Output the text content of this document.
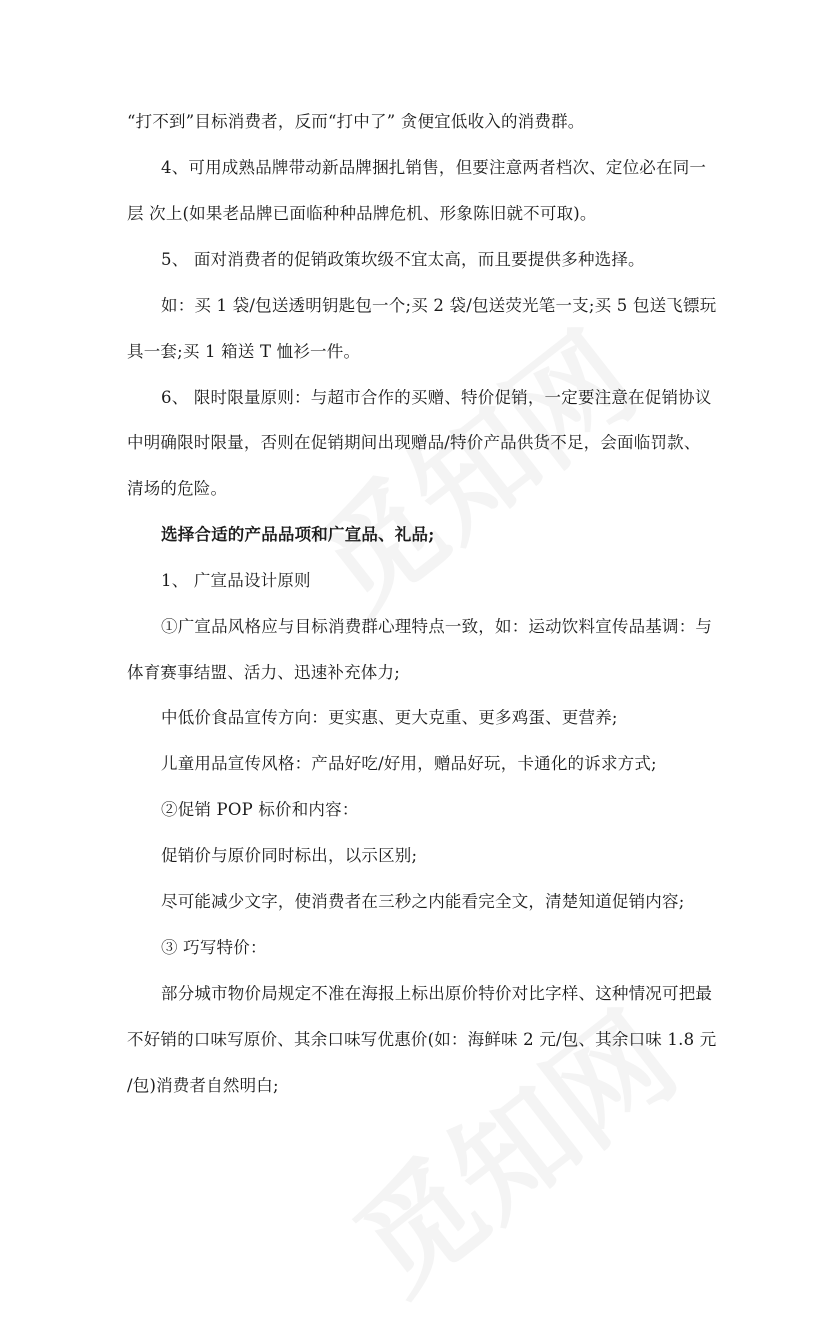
“打不到”目标消费者，反而“打中了” 贪便宜低收入的消费群。
4、可用成熟品牌带动新品牌捆扎销售，但要注意两者档次、定位必在同一
层 次上(如果老品牌已面临种种品牌危机、形象陈旧就不可取)。
5、 面对消费者的促销政策坎级不宜太高，而且要提供多种选择。
如：买 1 袋/包送透明钥匙包一个;买 2 袋/包送荧光笔一支;买 5 包送飞镖玩
具一套;买 1 箱送 T 恤衫一件。
6、 限时限量原则：与超市合作的买赠、特价促销，一定要注意在促销协议
中明确限时限量，否则在促销期间出现赠品/特价产品供货不足，会面临罚款、
清场的危险。
选择合适的产品品项和广宣品、礼品;
1、 广宣品设计原则
①广宣品风格应与目标消费群心理特点一致，如：运动饮料宣传品基调：与
体育赛事结盟、活力、迅速补充体力;
中低价食品宣传方向：更实惠、更大克重、更多鸡蛋、更营养;
儿童用品宣传风格：产品好吃/好用，赠品好玩，卡通化的诉求方式;
②促销 POP 标价和内容：
促销价与原价同时标出，以示区别;
尽可能减少文字，使消费者在三秒之内能看完全文，清楚知道促销内容;
③ 巧写特价：
部分城市物价局规定不准在海报上标出原价特价对比字样、这种情况可把最
不好销的口味写原价、其余口味写优惠价(如：海鲜味 2 元/包、其余口味 1.8 元
/包)消费者自然明白;
